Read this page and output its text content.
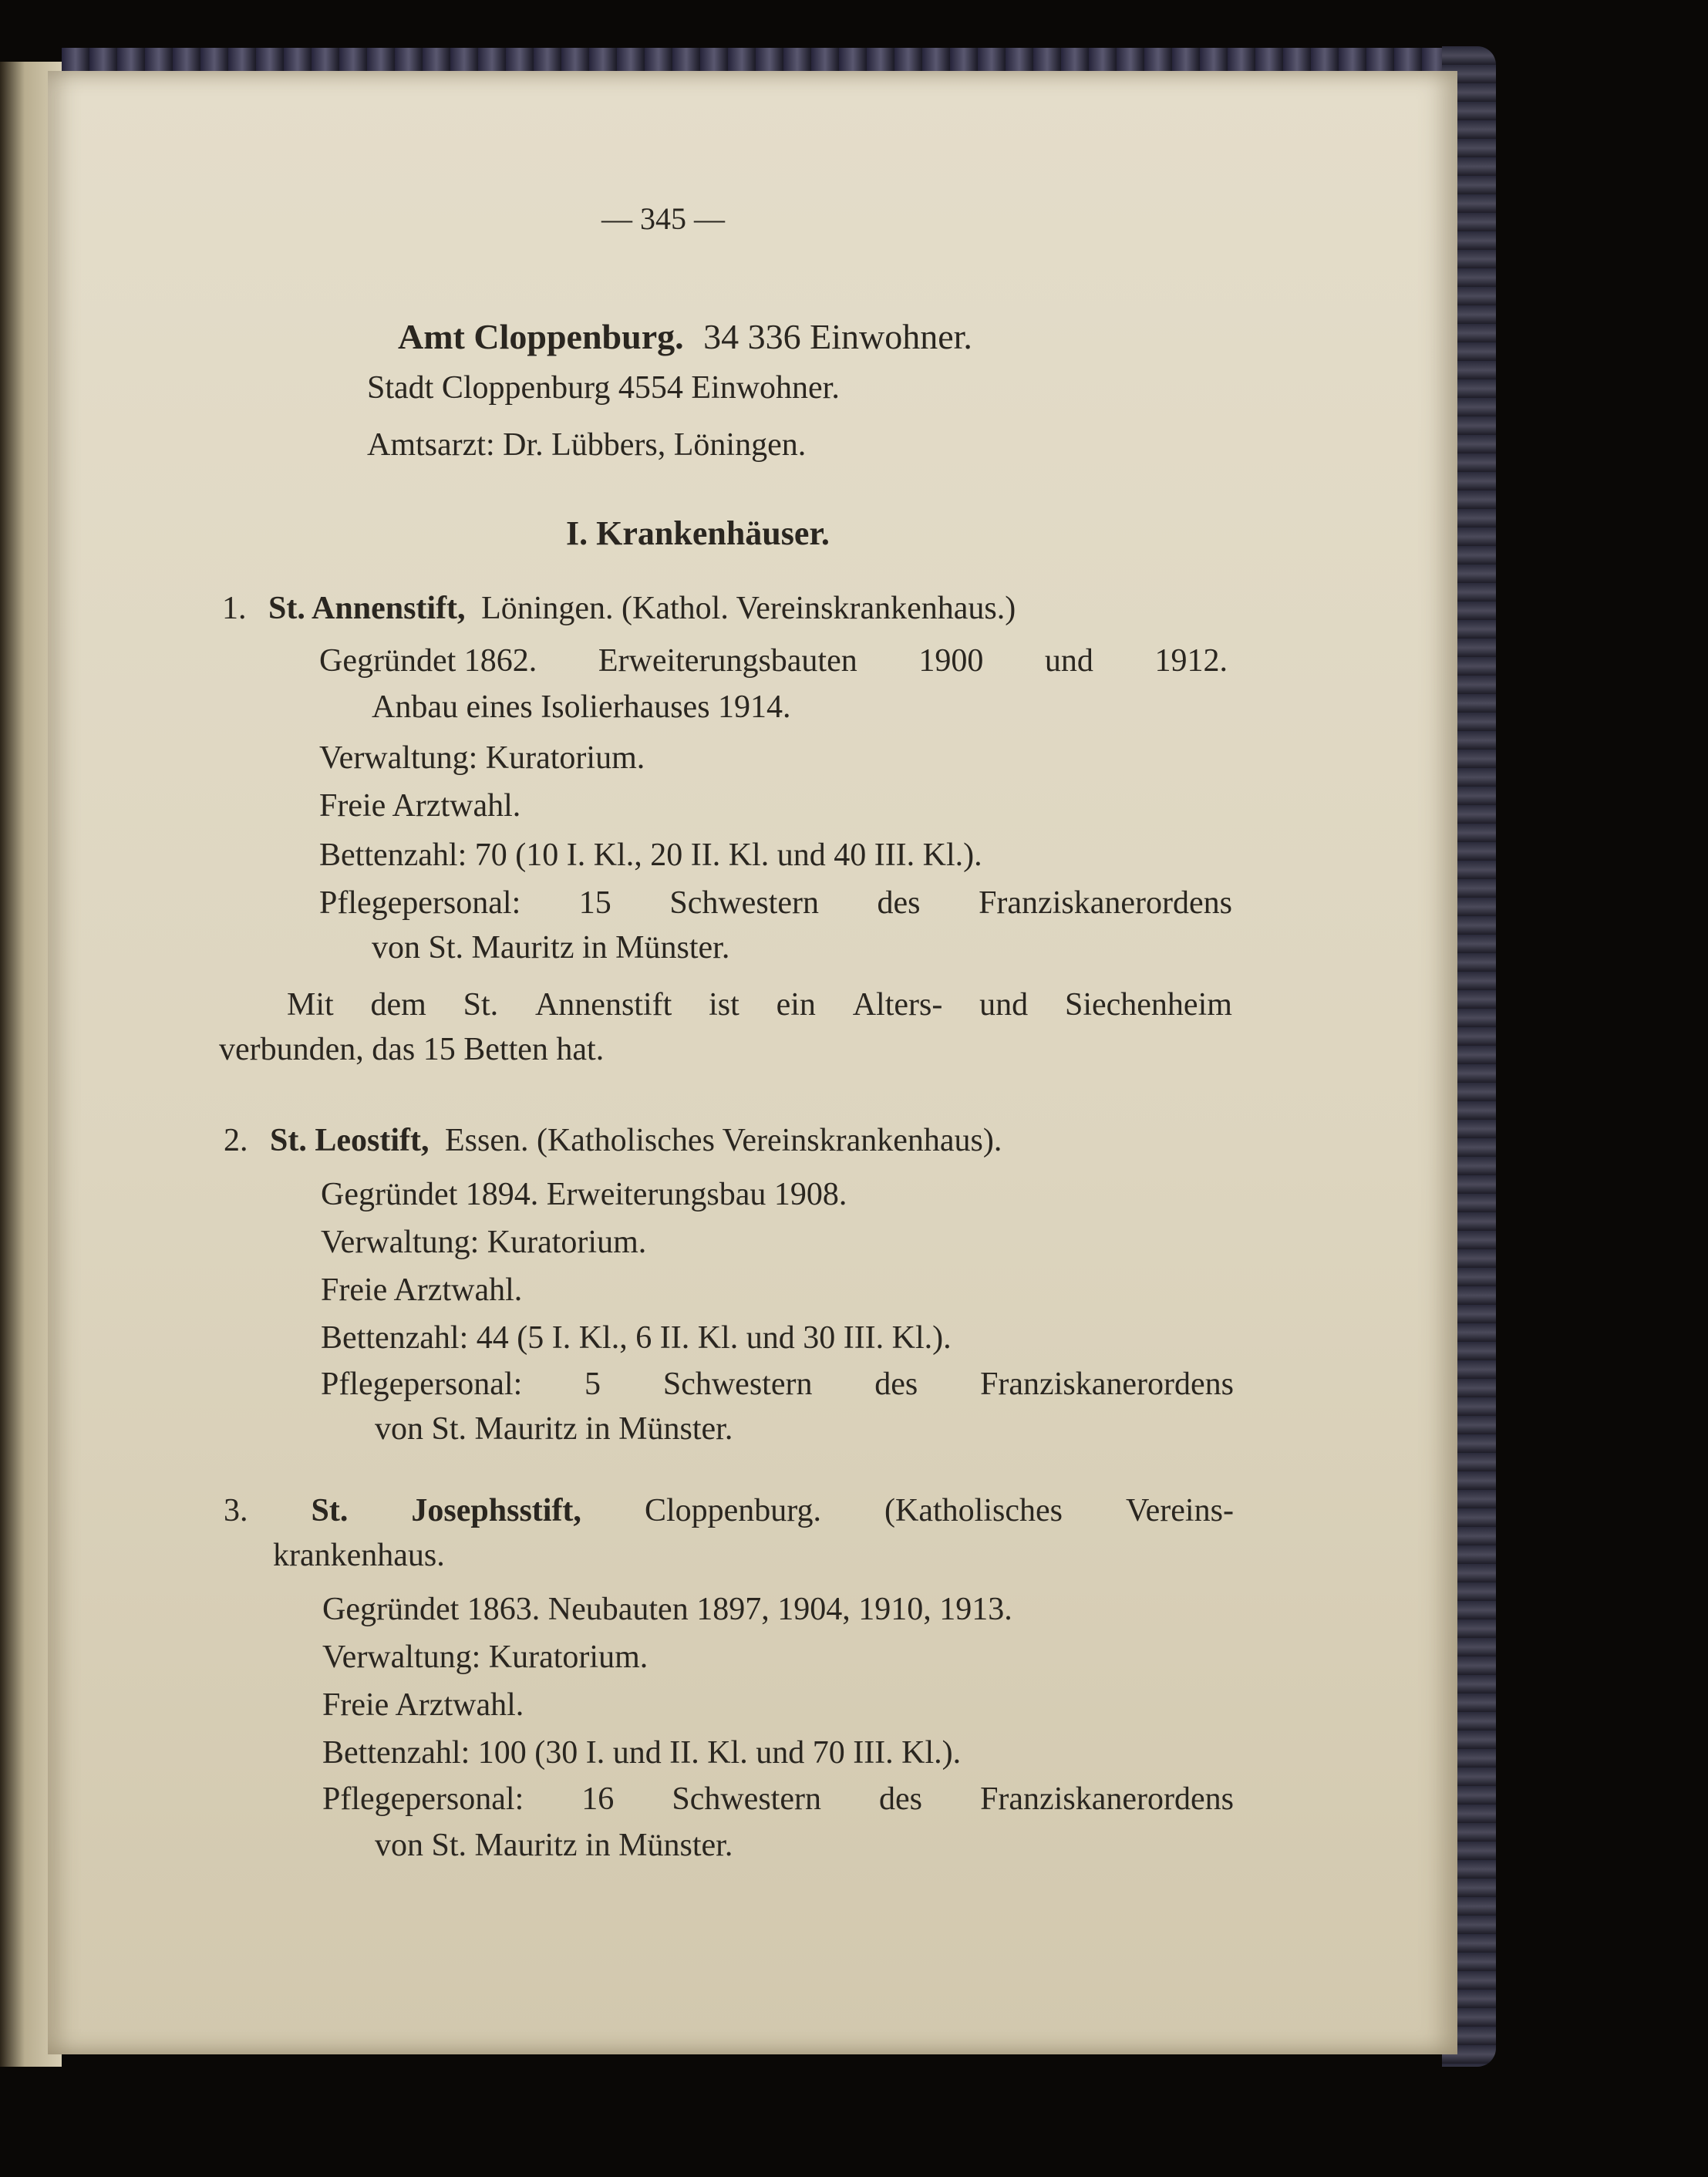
— 345 —
Amt Cloppenburg. 34 336 Einwohner.
Stadt Cloppenburg 4554 Einwohner.
Amtsarzt: Dr. Lübbers, Löningen.
I. Krankenhäuser.
1. St. Annenstift, Löningen. (Kathol. Vereinskrankenhaus.)
Gegründet 1862. Erweiterungsbauten 1900 und 1912.
Anbau eines Isolierhauses 1914.
Verwaltung: Kuratorium.
Freie Arztwahl.
Bettenzahl: 70 (10 I. Kl., 20 II. Kl. und 40 III. Kl.).
Pflegepersonal: 15 Schwestern des Franziskanerordens
von St. Mauritz in Münster.
Mit dem St. Annenstift ist ein Alters- und Siechenheim
verbunden, das 15 Betten hat.
2. St. Leostift, Essen. (Katholisches Vereinskrankenhaus).
Gegründet 1894. Erweiterungsbau 1908.
Verwaltung: Kuratorium.
Freie Arztwahl.
Bettenzahl: 44 (5 I. Kl., 6 II. Kl. und 30 III. Kl.).
Pflegepersonal: 5 Schwestern des Franziskanerordens
von St. Mauritz in Münster.
3. St. Josephsstift, Cloppenburg. (Katholisches Vereins-
krankenhaus.
Gegründet 1863. Neubauten 1897, 1904, 1910, 1913.
Verwaltung: Kuratorium.
Freie Arztwahl.
Bettenzahl: 100 (30 I. und II. Kl. und 70 III. Kl.).
Pflegepersonal: 16 Schwestern des Franziskanerordens
von St. Mauritz in Münster.
